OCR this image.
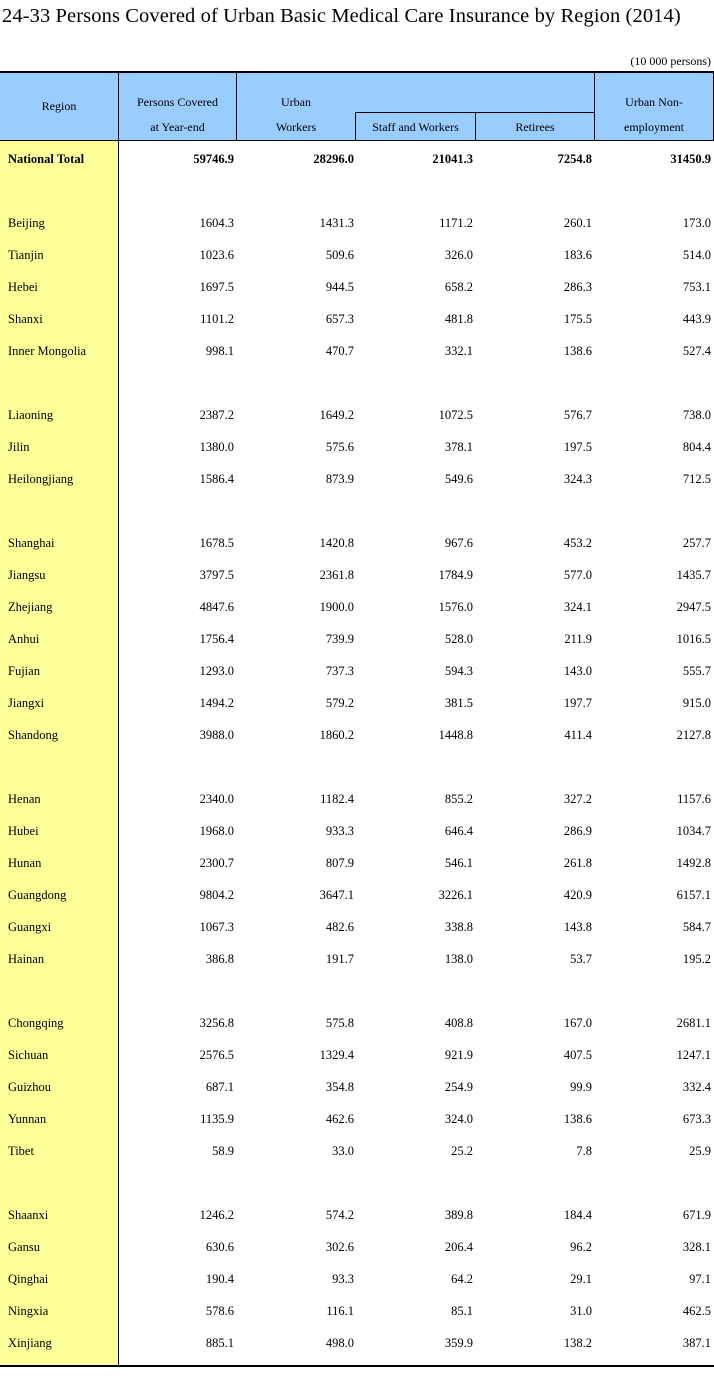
24-33 Persons Covered of Urban Basic Medical Care Insurance by Region (2014)
(10 000 persons)
Region	Persons Covered
at Year-end
Urban
Workers	Staff and Workers	Retirees
Urban Non-
employment
National Total	59746.9	28296.0	21041.3	7254.8	31450.9
Beijing	1604.3	1431.3	1171.2	260.1	173.0
Tianjin	1023.6	509.6	326.0	183.6	514.0
Hebei	1697.5	944.5	658.2	286.3	753.1
Shanxi	1101.2	657.3	481.8	175.5	443.9
Inner Mongolia	998.1	470.7	332.1	138.6	527.4
Liaoning	2387.2	1649.2	1072.5	576.7	738.0
Jilin	1380.0	575.6	378.1	197.5	804.4
Heilongjiang	1586.4	873.9	549.6	324.3	712.5
Shanghai	1678.5	1420.8	967.6	453.2	257.7
Jiangsu	3797.5	2361.8	1784.9	577.0	1435.7
Zhejiang	4847.6	1900.0	1576.0	324.1	2947.5
Anhui	1756.4	739.9	528.0	211.9	1016.5
Fujian	1293.0	737.3	594.3	143.0	555.7
Jiangxi	1494.2	579.2	381.5	197.7	915.0
Shandong	3988.0	1860.2	1448.8	411.4	2127.8
Henan	2340.0	1182.4	855.2	327.2	1157.6
Hubei	1968.0	933.3	646.4	286.9	1034.7
Hunan	2300.7	807.9	546.1	261.8	1492.8
Guangdong	9804.2	3647.1	3226.1	420.9	6157.1
Guangxi	1067.3	482.6	338.8	143.8	584.7
Hainan	386.8	191.7	138.0	53.7	195.2
Chongqing	3256.8	575.8	408.8	167.0	2681.1
Sichuan	2576.5	1329.4	921.9	407.5	1247.1
Guizhou	687.1	354.8	254.9	99.9	332.4
Yunnan	1135.9	462.6	324.0	138.6	673.3
Tibet	58.9	33.0	25.2	7.8	25.9
Shaanxi	1246.2	574.2	389.8	184.4	671.9
Gansu	630.6	302.6	206.4	96.2	328.1
Qinghai	190.4	93.3	64.2	29.1	97.1
Ningxia	578.6	116.1	85.1	31.0	462.5
Xinjiang	885.1	498.0	359.9	138.2	387.1
